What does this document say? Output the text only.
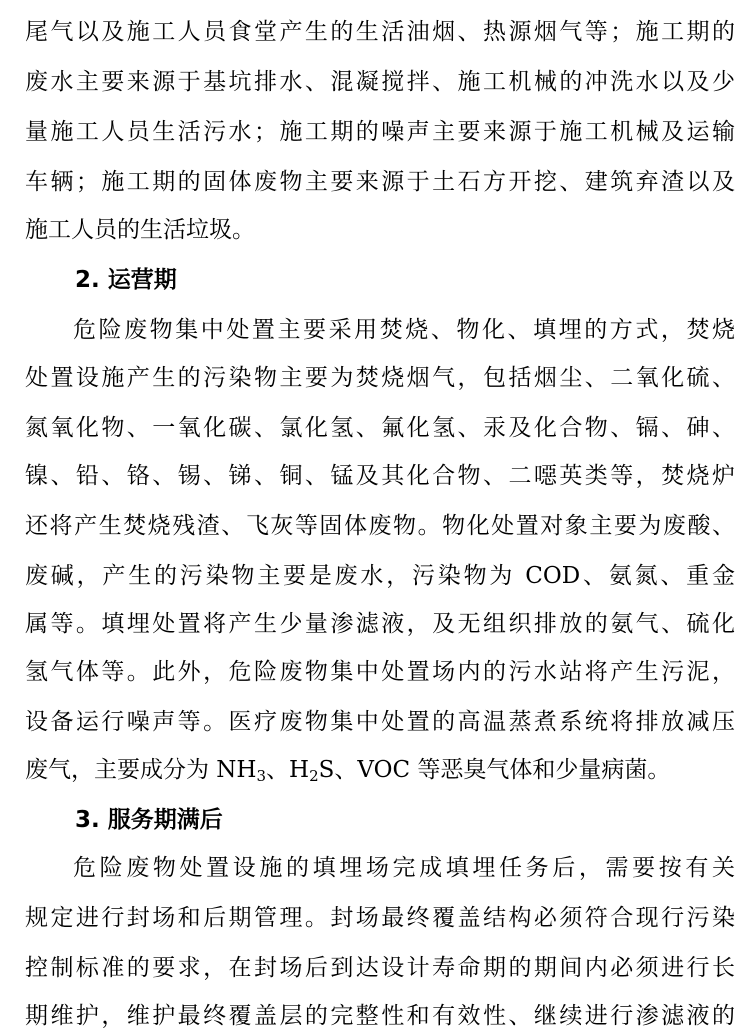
尾气以及施工人员食堂产生的生活油烟、热源烟气等；施工期的
废水主要来源于基坑排水、混凝搅拌、施工机械的冲洗水以及少
量施工人员生活污水；施工期的噪声主要来源于施工机械及运输
车辆；施工期的固体废物主要来源于土石方开挖、建筑弃渣以及
施工人员的生活垃圾。
2. 运营期
危险废物集中处置主要采用焚烧、物化、填埋的方式，焚烧
处置设施产生的污染物主要为焚烧烟气，包括烟尘、二氧化硫、
氮氧化物、一氧化碳、氯化氢、氟化氢、汞及化合物、镉、砷、
镍、铅、铬、锡、锑、铜、锰及其化合物、二噁英类等，焚烧炉
还将产生焚烧残渣、飞灰等固体废物。物化处置对象主要为废酸、
废碱，产生的污染物主要是废水，污染物为 COD、氨氮、重金
属等。填埋处置将产生少量渗滤液，及无组织排放的氨气、硫化
氢气体等。此外，危险废物集中处置场内的污水站将产生污泥，
设备运行噪声等。医疗废物集中处置的高温蒸煮系统将排放减压
废气，主要成分为 $NH_3$、$H_2S$、VOC 等恶臭气体和少量病菌。
3. 服务期满后
危险废物处置设施的填埋场完成填埋任务后，需要按有关
规定进行封场和后期管理。封场最终覆盖结构必须符合现行污染
控制标准的要求，在封场后到达设计寿命期的期间内必须进行长
期维护，维护最终覆盖层的完整性和有效性、继续进行渗滤液的
